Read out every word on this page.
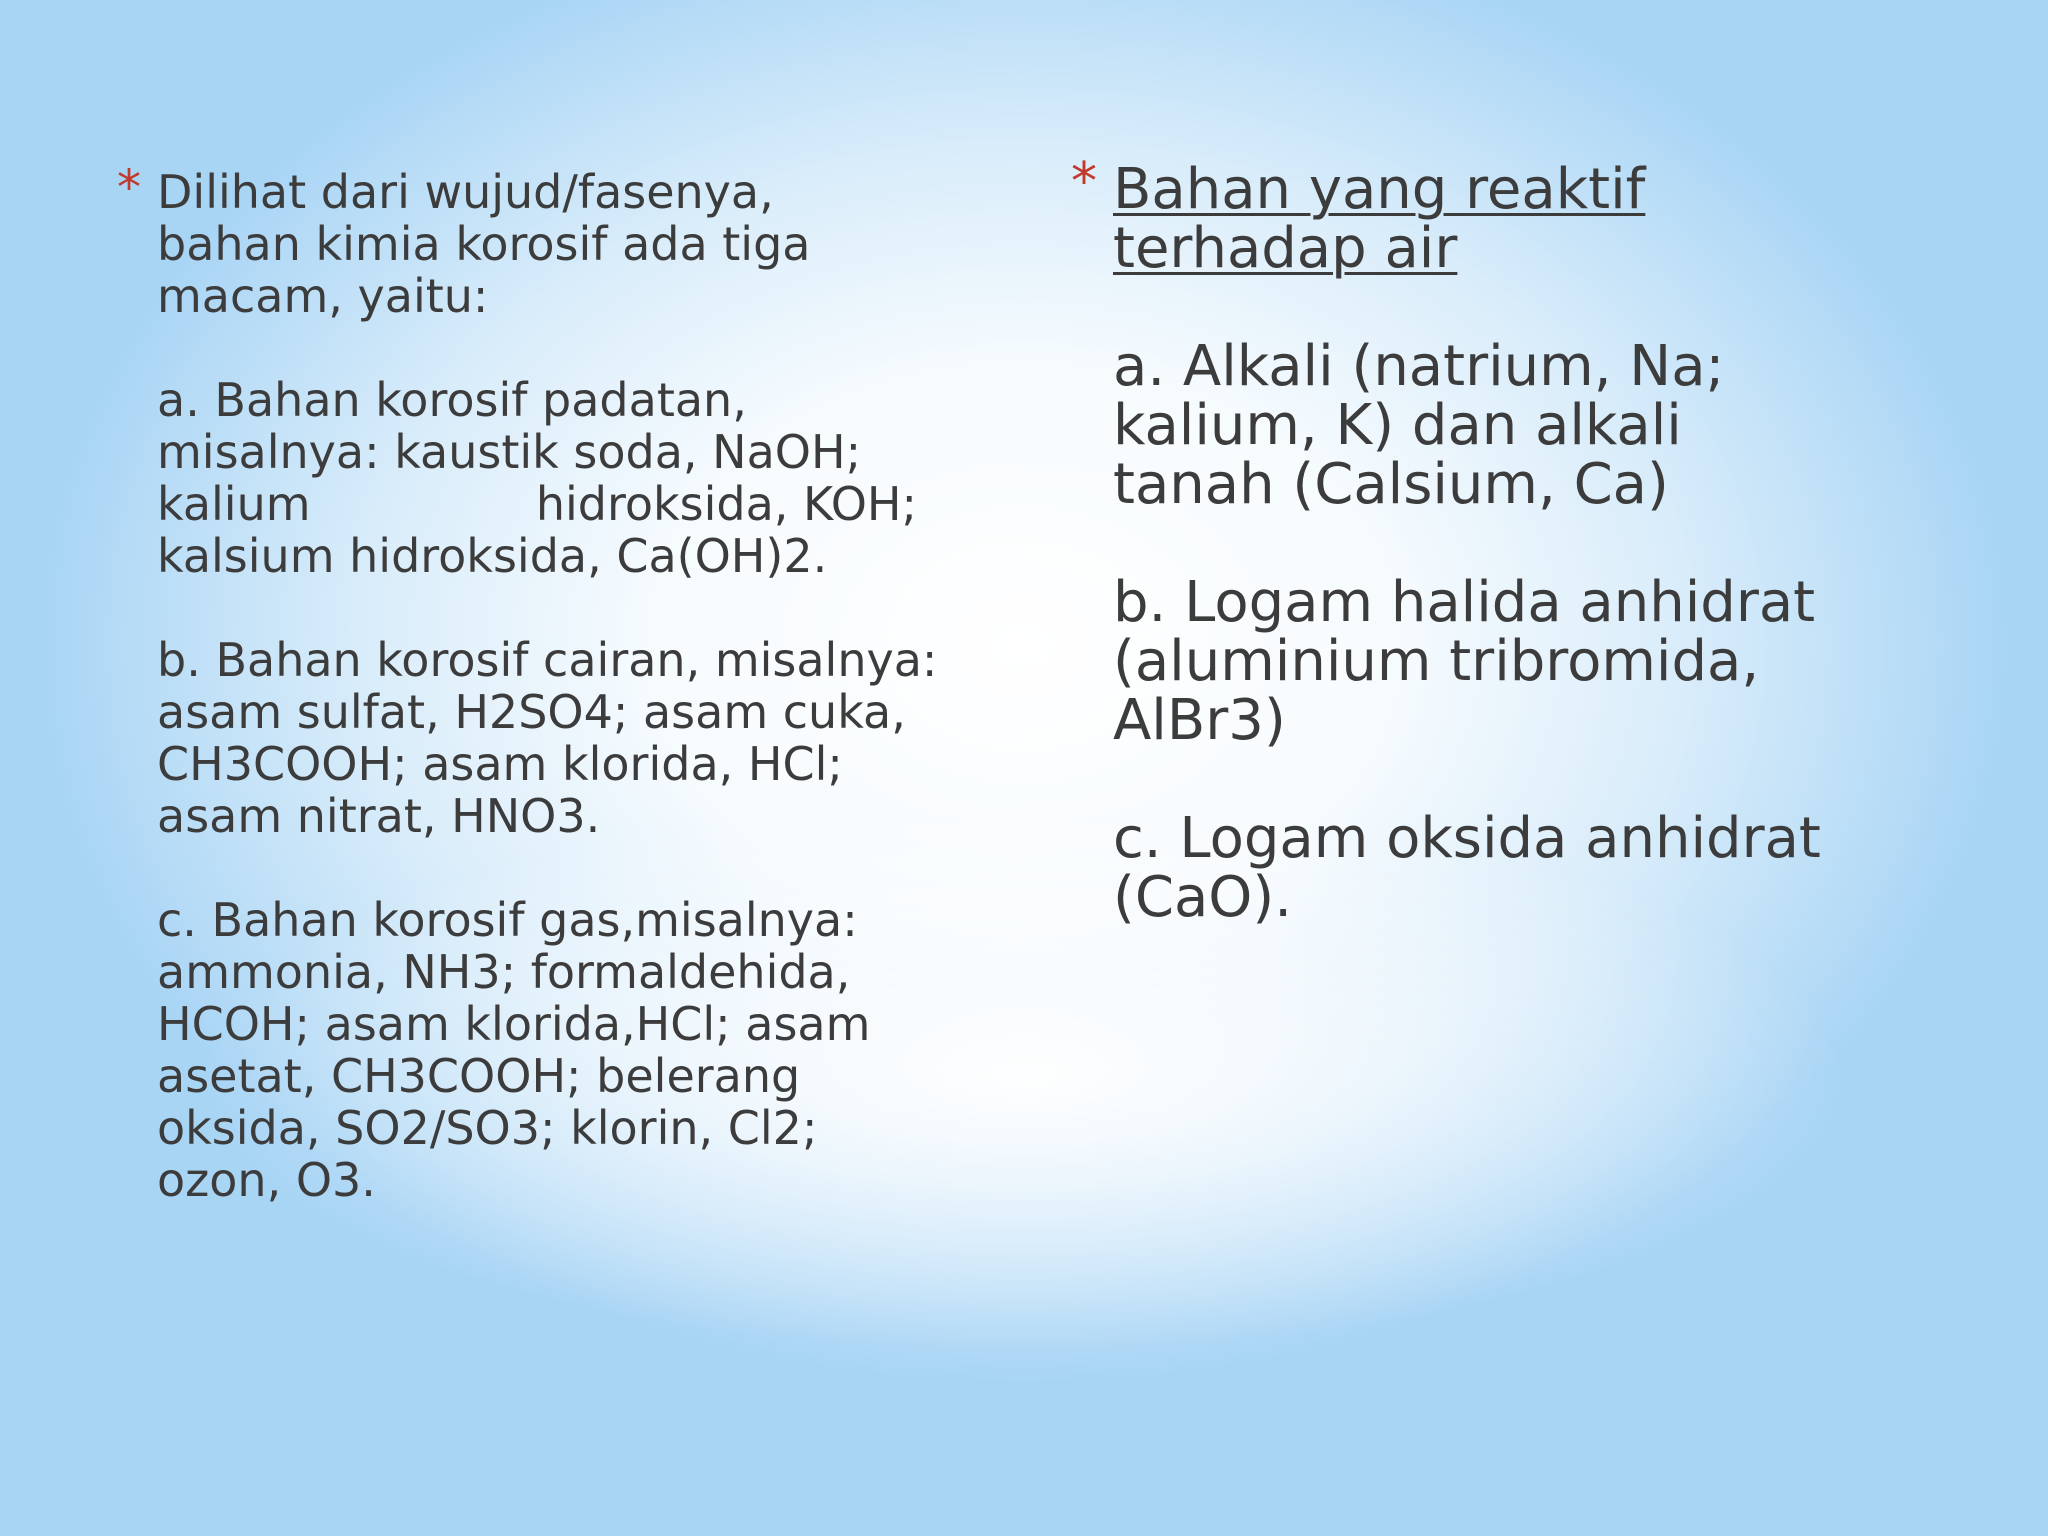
* Dilihat dari wujud/fasenya,
bahan kimia korosif ada tiga
macam, yaitu:

a. Bahan korosif padatan,
misalnya: kaustik soda, NaOH;
kalium	hidroksida, KOH;
kalsium hidroksida, Ca(OH)2.

b. Bahan korosif cairan, misalnya:
asam sulfat, H2SO4; asam cuka,
CH3COOH; asam klorida, HCl;
asam nitrat, HNO3.

c. Bahan korosif gas,misalnya:
ammonia, NH3; formaldehida,
HCOH; asam klorida,HCl; asam
asetat, CH3COOH; belerang
oksida, SO2/SO3; klorin, Cl2;
ozon, O3.

* Bahan yang reaktif
terhadap air

a. Alkali (natrium, Na;
kalium, K) dan alkali
tanah (Calsium, Ca)

b. Logam halida anhidrat
(aluminium tribromida,
AlBr3)

c. Logam oksida anhidrat
(CaO).
